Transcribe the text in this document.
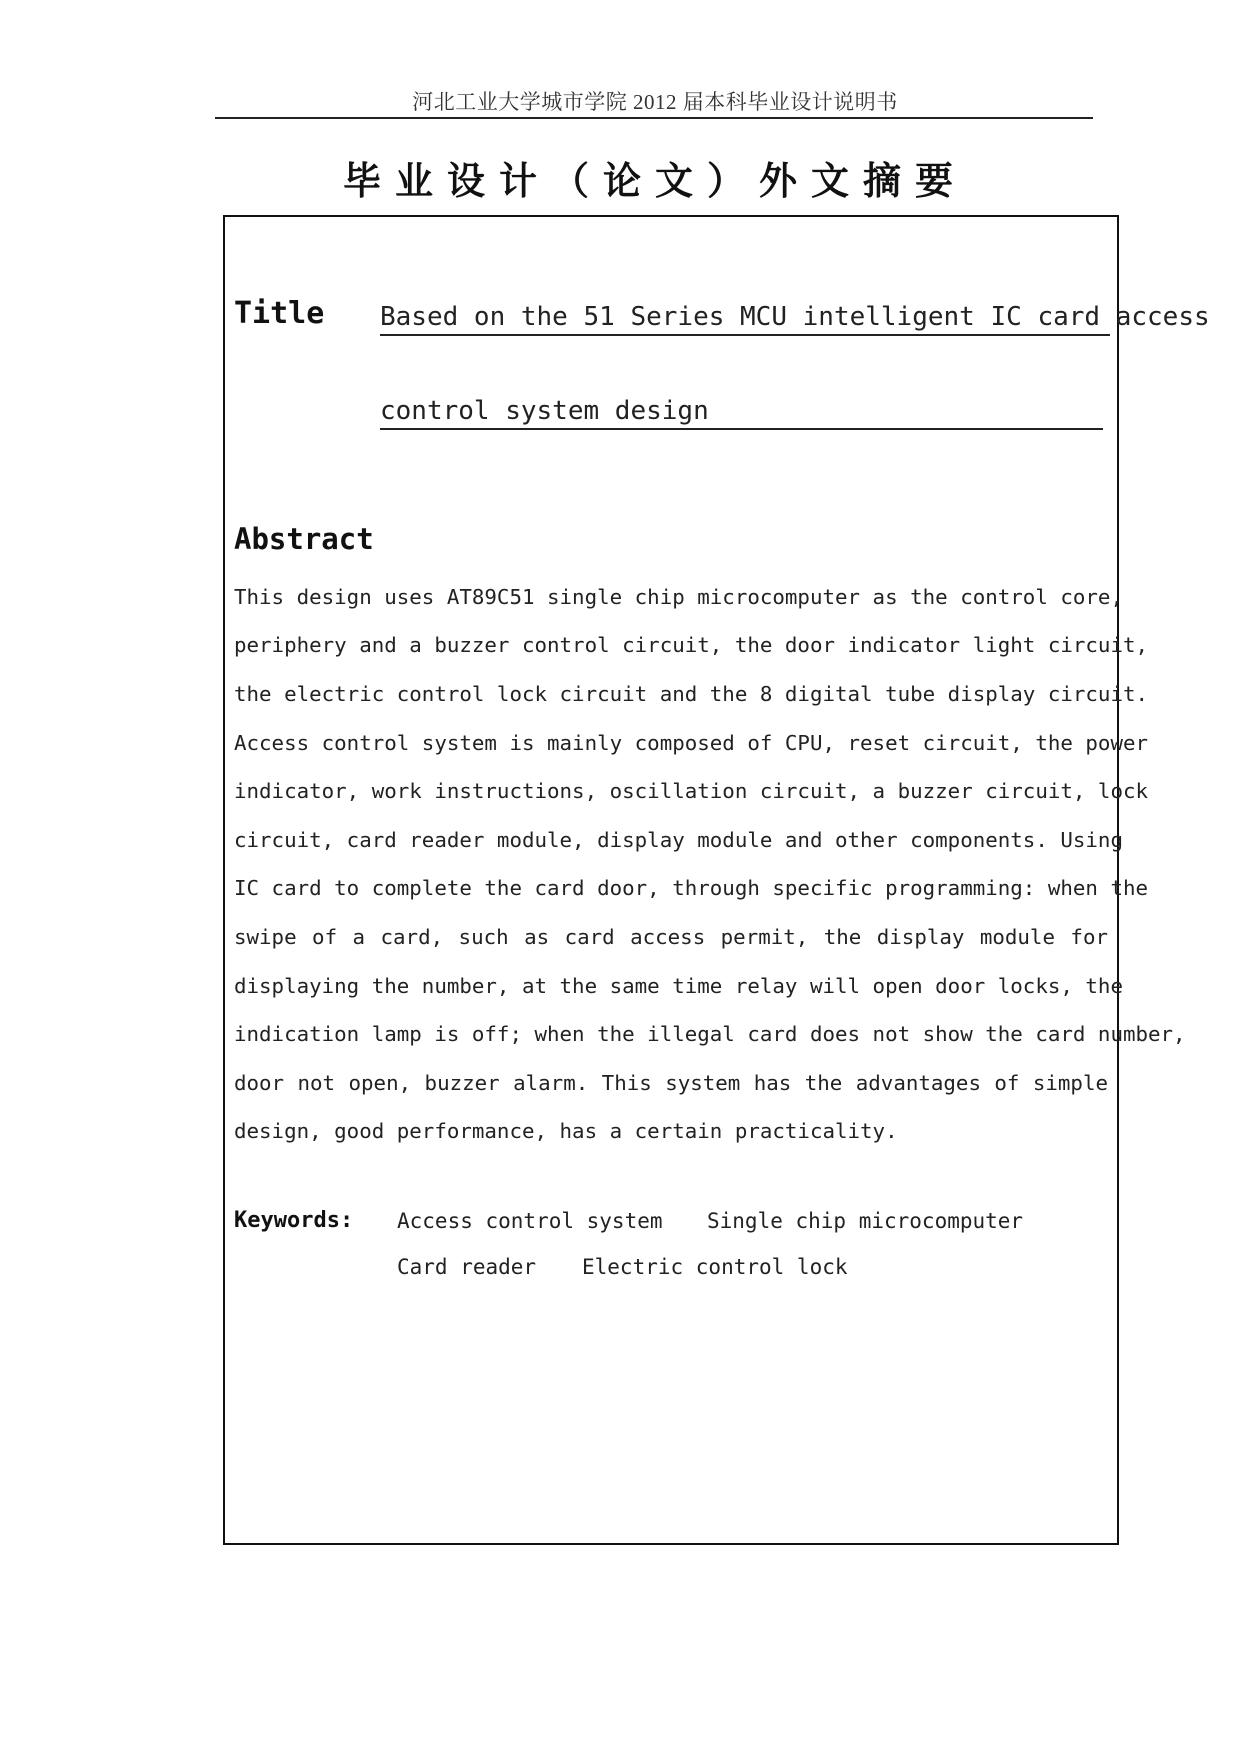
河北工业大学城市学院 2012 届本科毕业设计说明书
毕业设计（论文）外文摘要
Title Based on the 51 Series MCU intelligent IC card access
control system design
Abstract
This design uses AT89C51 single chip microcomputer as the control core,
periphery and a buzzer control circuit, the door indicator light circuit,
the electric control lock circuit and the 8 digital tube display circuit.
Access control system is mainly composed of CPU, reset circuit, the power
indicator, work instructions, oscillation circuit, a buzzer circuit, lock
circuit, card reader module, display module and other components. Using
IC card to complete the card door, through specific programming: when the
swipe of a card, such as card access permit, the display module for
displaying the number, at the same time relay will open door locks, the
indication lamp is off; when the illegal card does not show the card number,
door not open, buzzer alarm. This system has the advantages of simple
design, good performance, has a certain practicality.
Keywords: Access control system Single chip microcomputer
Card reader Electric control lock
